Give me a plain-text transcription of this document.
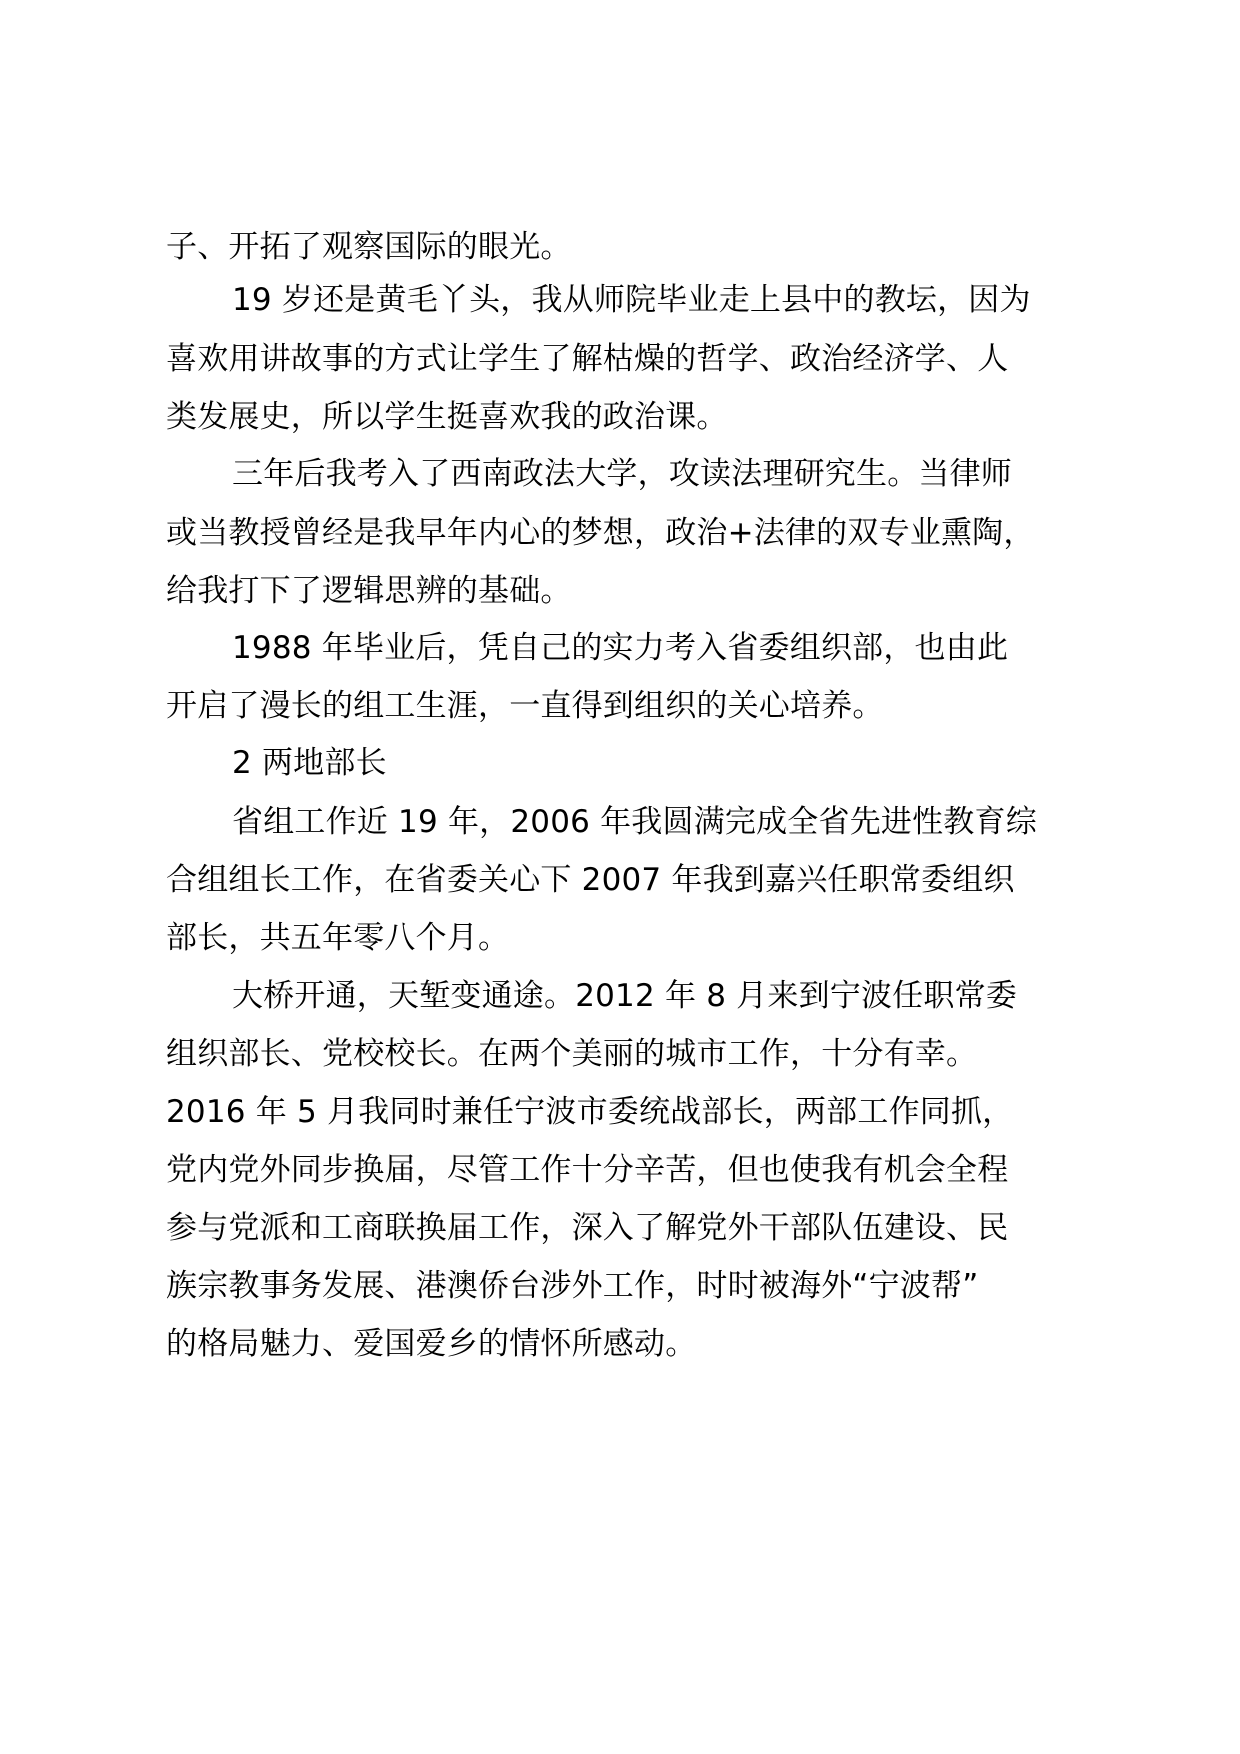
子、开拓了观察国际的眼光。
19 岁还是黄毛丫头，我从师院毕业走上县中的教坛，因为
喜欢用讲故事的方式让学生了解枯燥的哲学、政治经济学、人
类发展史，所以学生挺喜欢我的政治课。
三年后我考入了西南政法大学，攻读法理研究生。当律师
或当教授曾经是我早年内心的梦想，政治+法律的双专业熏陶，
给我打下了逻辑思辨的基础。
1988 年毕业后，凭自己的实力考入省委组织部，也由此
开启了漫长的组工生涯，一直得到组织的关心培养。
2 两地部长
省组工作近 19 年，2006 年我圆满完成全省先进性教育综
合组组长工作，在省委关心下 2007 年我到嘉兴任职常委组织
部长，共五年零八个月。
大桥开通，天堑变通途。2012 年 8 月来到宁波任职常委
组织部长、党校校长。在两个美丽的城市工作，十分有幸。
2016 年 5 月我同时兼任宁波市委统战部长，两部工作同抓，
党内党外同步换届，尽管工作十分辛苦，但也使我有机会全程
参与党派和工商联换届工作，深入了解党外干部队伍建设、民
族宗教事务发展、港澳侨台涉外工作，时时被海外“宁波帮”
的格局魅力、爱国爱乡的情怀所感动。
